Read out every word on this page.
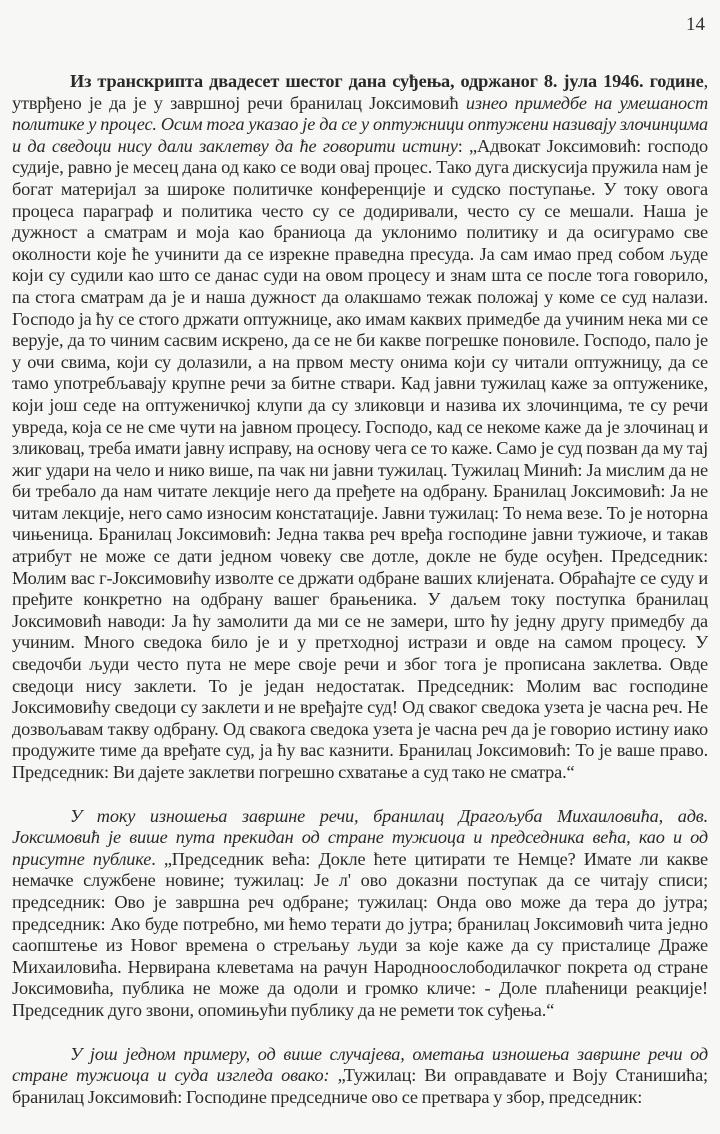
14

Из транскрипта двадесет шестог дана суђења, одржаног 8. јула 1946. године, утврђено је да је у завршној речи бранилац Јоксимовић изнео примедбе на умешаност политике у процес. Осим тога указао је да се у оптужници оптужени називају злочинцима и да сведоци нису дали заклетву да ће говорити истину: „Адвокат Јоксимовић: господо судије, равно је месец дана од како се води овај процес. Тако дуга дискусија пружила нам је богат материјал за широке политичке конференције и судско поступање. У току овога процеса параграф и политика често су се додиривали, често су се мешали. Наша је дужност а сматрам и моја као браниоца да уклонимо политику и да осигурамо све околности које ће учинити да се изрекне праведна пресуда. Ја сам имао пред собом људе који су судили као што се данас суди на овом процесу и знам шта се после тога говорило, па стога сматрам да је и наша дужност да олакшамо тежак положај у коме се суд налази. Господо ја ћу се стого држати оптужнице, ако имам каквих примедбе да учиним нека ми се верује, да то чиним сасвим искрено, да се не би какве погрешке поновиле. Господо, пало је у очи свима, који су долазили, а на првом месту онима који су читали оптужницу, да се тамо употребљавају крупне речи за битне ствари. Кад јавни тужилац каже за оптуженике, који још седе на оптуженичкој клупи да су зликовци и назива их злочинцима, те су речи увреда, која се не сме чути на јавном процесу. Господо, кад се некоме каже да је злочинац и зликовац, треба имати јавну исправу, на основу чега се то каже. Само је суд позван да му тај жиг удари на чело и нико више, па чак ни јавни тужилац. Тужилац Минић: Ја мислим да не би требало да нам читате лекције него да пређете на одбрану. Бранилац Јоксимовић: Ја не читам лекције, него само износим констатације. Јавни тужилац: То нема везе. То је ноторна чињеница. Бранилац Јоксимовић: Једна таква реч вређа господине јавни тужиоче, и такав атрибут не може се дати једном човеку све дотле, докле не буде осуђен. Председник: Молим вас г-Јоксимовићу изволте се држати одбране ваших клијената. Обраћајте се суду и пређите конкретно на одбрану вашег брањеника. У даљем току поступка бранилац Јоксимовић наводи: Ја ћу замолити да ми се не замери, што ћу једну другу примедбу да учиним. Много сведока било је и у претходној истрази и овде на самом процесу. У сведочби људи често пута не мере своје речи и због тога је прописана заклетва. Овде сведоци нису заклети. То је један недостатак. Председник: Молим вас господине Јоксимовићу сведоци су заклети и не вређајте суд! Од сваког сведока узета је часна реч. Не дозвољавам такву одбрану. Од свакога сведока узета је часна реч да је говорио истину иако продужите тиме да вређате суд, ја ћу вас казнити. Бранилац Јоксимовић: То је ваше право. Председник: Ви дајете заклетви погрешно схватање а суд тако не сматра.“

У току изношења завршне речи, бранилац Драгољуба Михаиловића, адв. Јоксимовић је више пута прекидан од стране тужиоца и председника већа, као и од присутне публике. „Председник већа: Докле ћете цитирати те Немце? Имате ли какве немачке службене новине; тужилац: Је л' ово доказни поступак да се читају списи; председник: Ово је завршна реч одбране; тужилац: Онда ово може да тера до јутра; председник: Ако буде потребно, ми ћемо терати до јутра; бранилац Јоксимовић чита једно саопштење из Новог времена о стрељању људи за које каже да су присталице Драже Михаиловића. Нервирана клеветама на рачун Народноослободилачког покрета од стране Јоксимовића, публика не може да одоли и громко кличе: - Доле плаћеници реакције! Председник дуго звони, опомињући публику да не ремети ток суђења.“

У још једном примеру, од више случајева, ометања изношења завршне речи од стране тужиоца и суда изгледа овако: „Тужилац: Ви оправдавате и Воју Станишића; бранилац Јоксимовић: Господине председниче ово се претвара у збор, председник:
